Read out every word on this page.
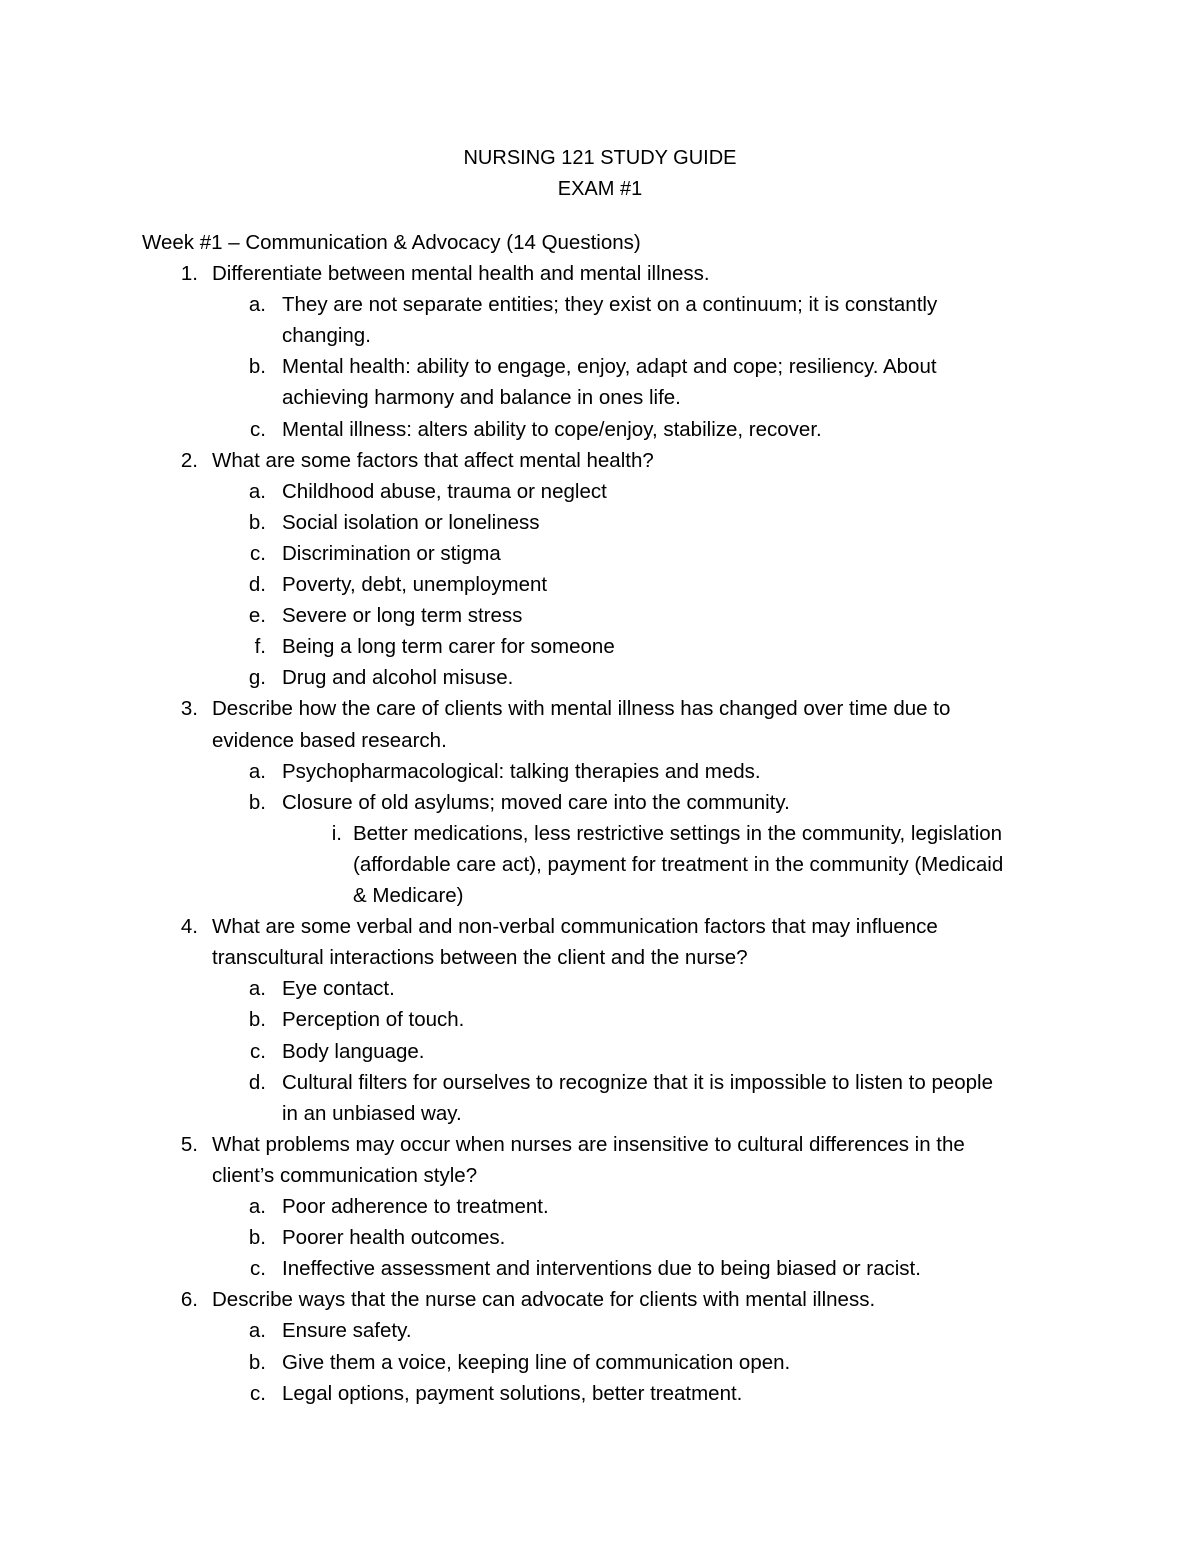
NURSING 121 STUDY GUIDE
EXAM #1
Week #1 – Communication & Advocacy (14 Questions)
1. Differentiate between mental health and mental illness.
a. They are not separate entities; they exist on a continuum; it is constantly
changing.
b. Mental health: ability to engage, enjoy, adapt and cope; resiliency. About
achieving harmony and balance in ones life.
c. Mental illness: alters ability to cope/enjoy, stabilize, recover.
2. What are some factors that affect mental health?
a. Childhood abuse, trauma or neglect
b. Social isolation or loneliness
c. Discrimination or stigma
d. Poverty, debt, unemployment
e. Severe or long term stress
f. Being a long term carer for someone
g. Drug and alcohol misuse.
3. Describe how the care of clients with mental illness has changed over time due to
evidence based research.
a. Psychopharmacological: talking therapies and meds.
b. Closure of old asylums; moved care into the community.
i. Better medications, less restrictive settings in the community, legislation
(affordable care act), payment for treatment in the community (Medicaid
& Medicare)
4. What are some verbal and non-verbal communication factors that may influence
transcultural interactions between the client and the nurse?
a. Eye contact.
b. Perception of touch.
c. Body language.
d. Cultural filters for ourselves to recognize that it is impossible to listen to people
in an unbiased way.
5. What problems may occur when nurses are insensitive to cultural differences in the
client’s communication style?
a. Poor adherence to treatment.
b. Poorer health outcomes.
c. Ineffective assessment and interventions due to being biased or racist.
6. Describe ways that the nurse can advocate for clients with mental illness.
a. Ensure safety.
b. Give them a voice, keeping line of communication open.
c. Legal options, payment solutions, better treatment.
